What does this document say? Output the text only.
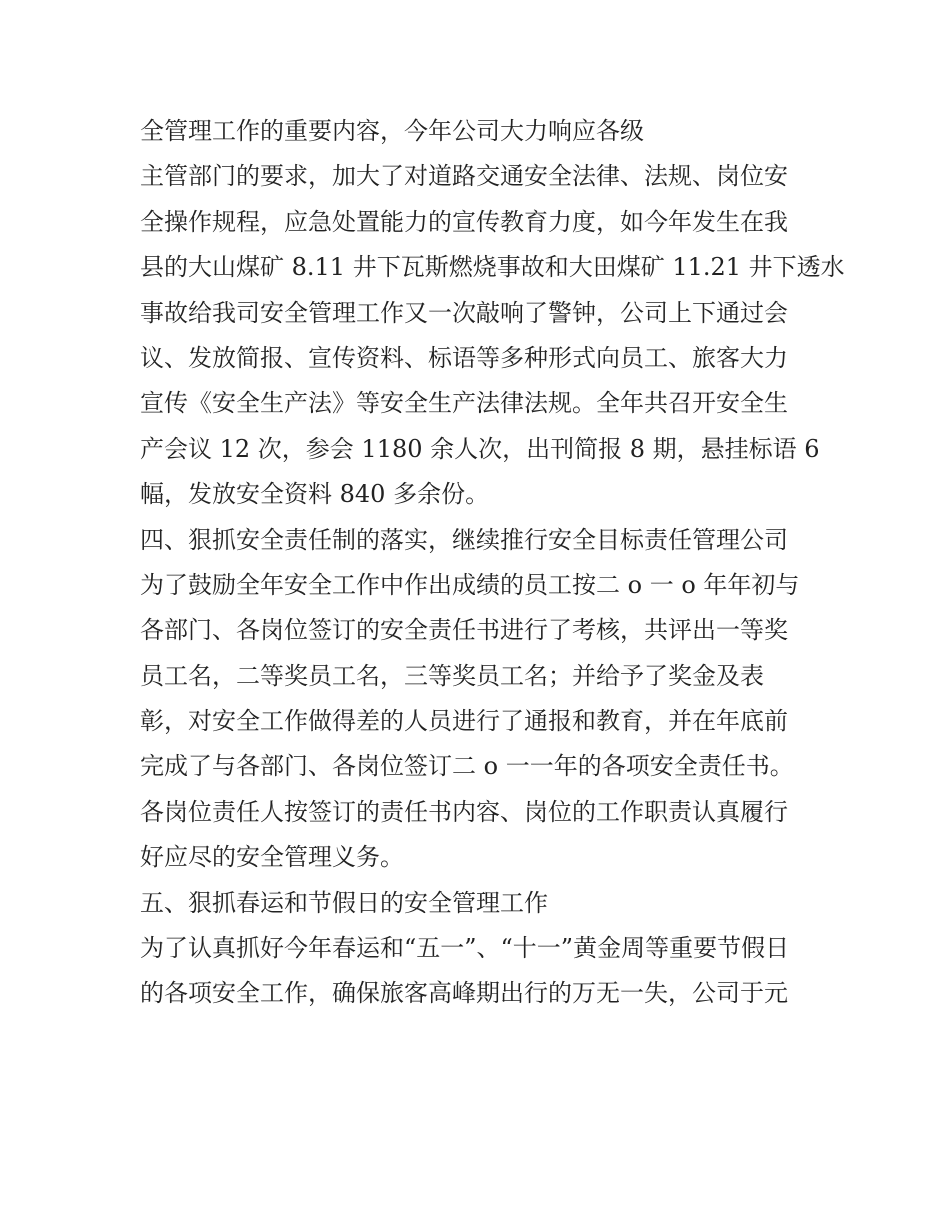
全管理工作的重要内容，今年公司大力响应各级
主管部门的要求，加大了对道路交通安全法律、法规、岗位安
全操作规程，应急处置能力的宣传教育力度，如今年发生在我
县的大山煤矿 8.11 井下瓦斯燃烧事故和大田煤矿 11.21 井下透水
事故给我司安全管理工作又一次敲响了警钟，公司上下通过会
议、发放简报、宣传资料、标语等多种形式向员工、旅客大力
宣传《安全生产法》等安全生产法律法规。全年共召开安全生
产会议 12 次，参会 1180 余人次，出刊简报 8 期，悬挂标语 6
幅，发放安全资料 840 多余份。
四、狠抓安全责任制的落实，继续推行安全目标责任管理公司
为了鼓励全年安全工作中作出成绩的员工按二 o 一 o 年年初与
各部门、各岗位签订的安全责任书进行了考核，共评出一等奖
员工名，二等奖员工名，三等奖员工名；并给予了奖金及表
彰，对安全工作做得差的人员进行了通报和教育，并在年底前
完成了与各部门、各岗位签订二 o 一一年的各项安全责任书。
各岗位责任人按签订的责任书内容、岗位的工作职责认真履行
好应尽的安全管理义务。
五、狠抓春运和节假日的安全管理工作
为了认真抓好今年春运和“五一”、“十一”黄金周等重要节假日
的各项安全工作，确保旅客高峰期出行的万无一失，公司于元
